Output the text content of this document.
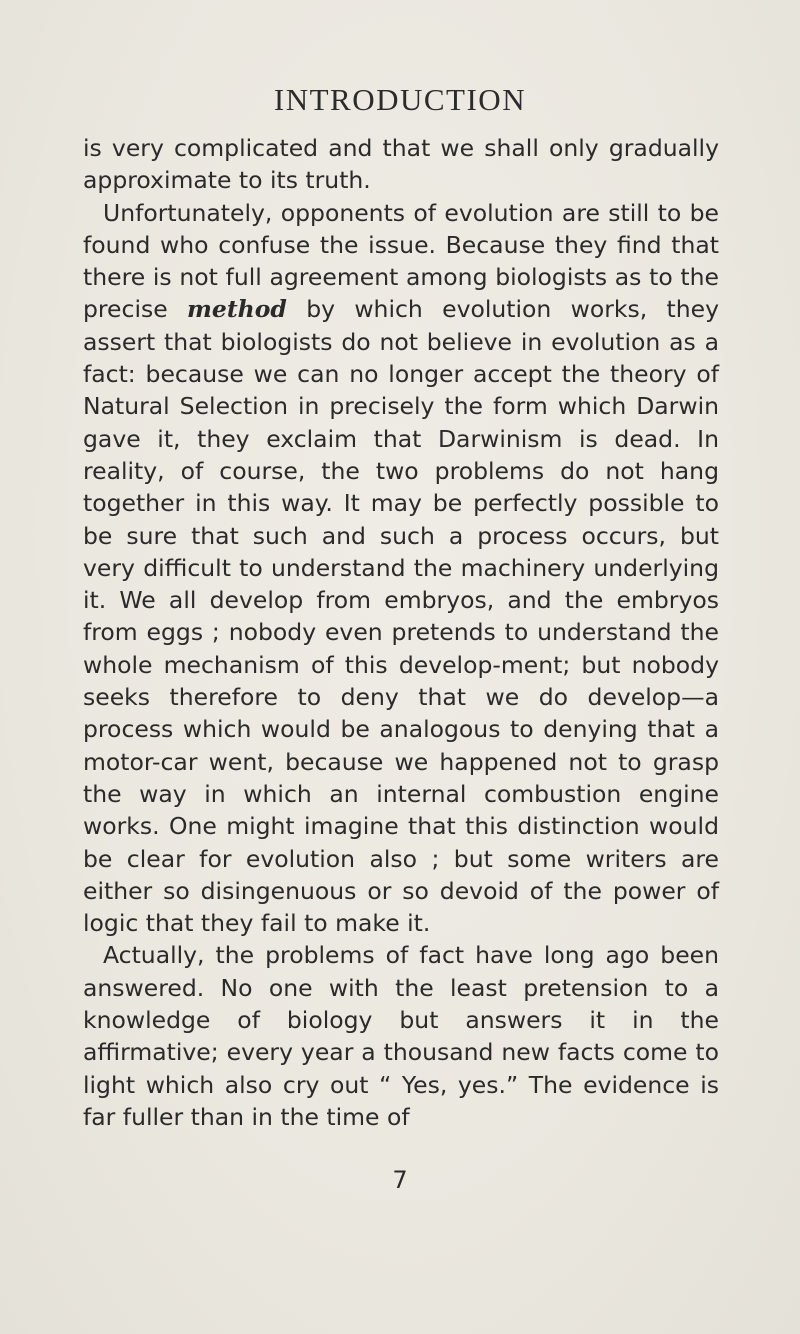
INTRODUCTION

is very complicated and that we shall only gradually approximate to its truth.

Unfortunately, opponents of evolution are still to be found who confuse the issue. Because they find that there is not full agreement among biologists as to the precise method by which evolution works, they assert that biologists do not believe in evolution as a fact: because we can no longer accept the theory of Natural Selection in precisely the form which Darwin gave it, they exclaim that Darwinism is dead. In reality, of course, the two problems do not hang together in this way. It may be perfectly possible to be sure that such and such a process occurs, but very difficult to understand the machinery underlying it. We all develop from embryos, and the embryos from eggs ; nobody even pretends to understand the whole mechanism of this develop-ment; but nobody seeks therefore to deny that we do develop—a process which would be analogous to denying that a motor-car went, because we happened not to grasp the way in which an internal combustion engine works. One might imagine that this distinction would be clear for evolution also ; but some writers are either so disingenuous or so devoid of the power of logic that they fail to make it.

Actually, the problems of fact have long ago been answered. No one with the least pretension to a knowledge of biology but answers it in the affirmative; every year a thousand new facts come to light which also cry out “ Yes, yes.” The evidence is far fuller than in the time of

7
